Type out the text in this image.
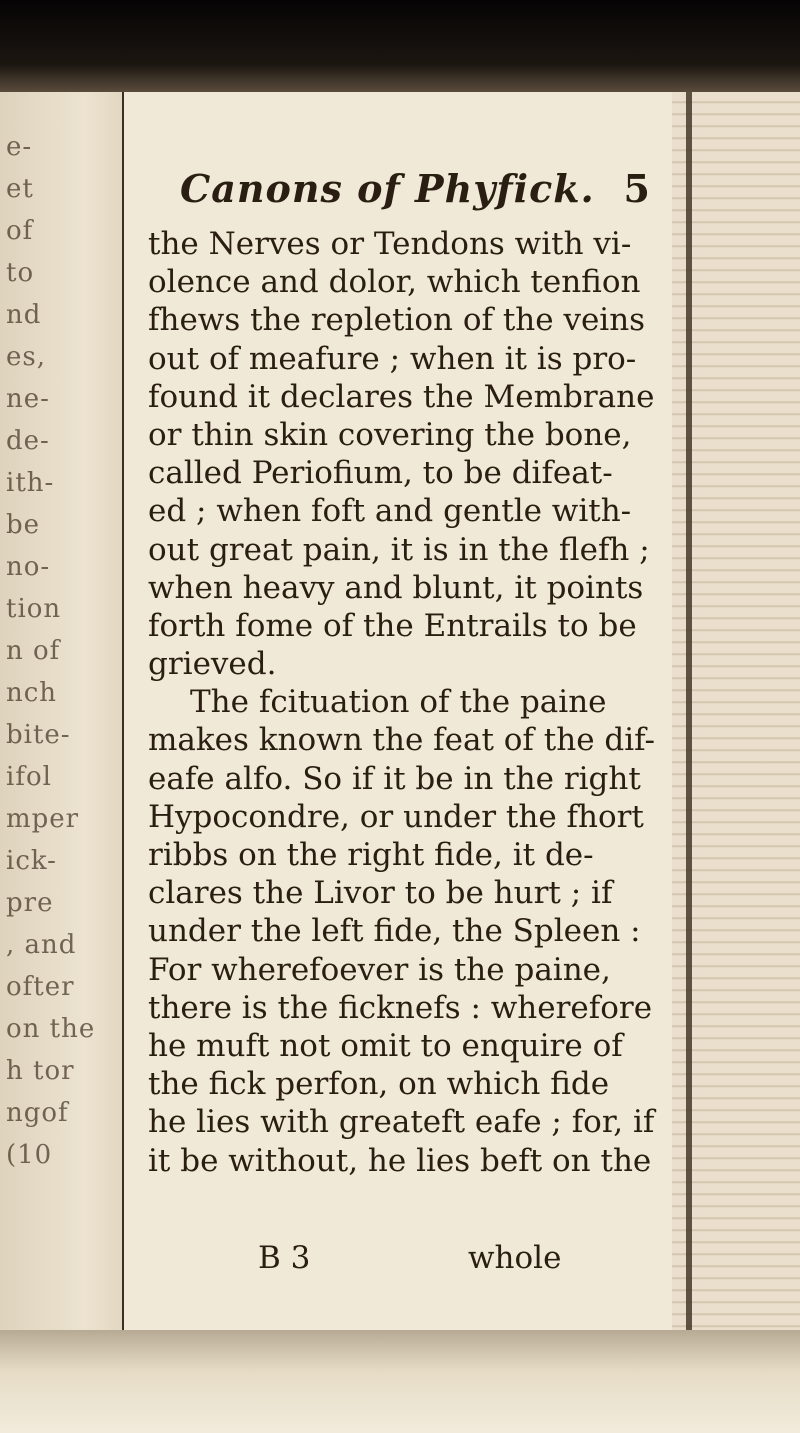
e-
et
of
to
nd
es,
ne-
de-
ith-
be
no-
tion
n of
nch
bite-
ifol
mper
ick-
pre
, and
ofter
on the
h tor
ngof
(10
Canons of Phyfick. 5
the Nerves or Tendons with vi-
olence and dolor, which tenfion
fhews the repletion of the veins
out of meafure ; when it is pro-
found it declares the Membrane
or thin skin covering the bone,
called Periofium, to be difeat-
ed ; when foft and gentle with-
out great pain, it is in the flefh ;
when heavy and blunt, it points
forth fome of the Entrails to be
grieved.
The fcituation of the paine
makes known the feat of the dif-
eafe alfo. So if it be in the right
Hypocondre, or under the fhort
ribbs on the right fide, it de-
clares the Livor to be hurt ; if
under the left fide, the Spleen :
For wherefoever is the paine,
there is the ficknefs : wherefore
he muft not omit to enquire of
the fick perfon, on which fide
he lies with greateft eafe ; for, if
it be without, he lies beft on the
B 3	whole
